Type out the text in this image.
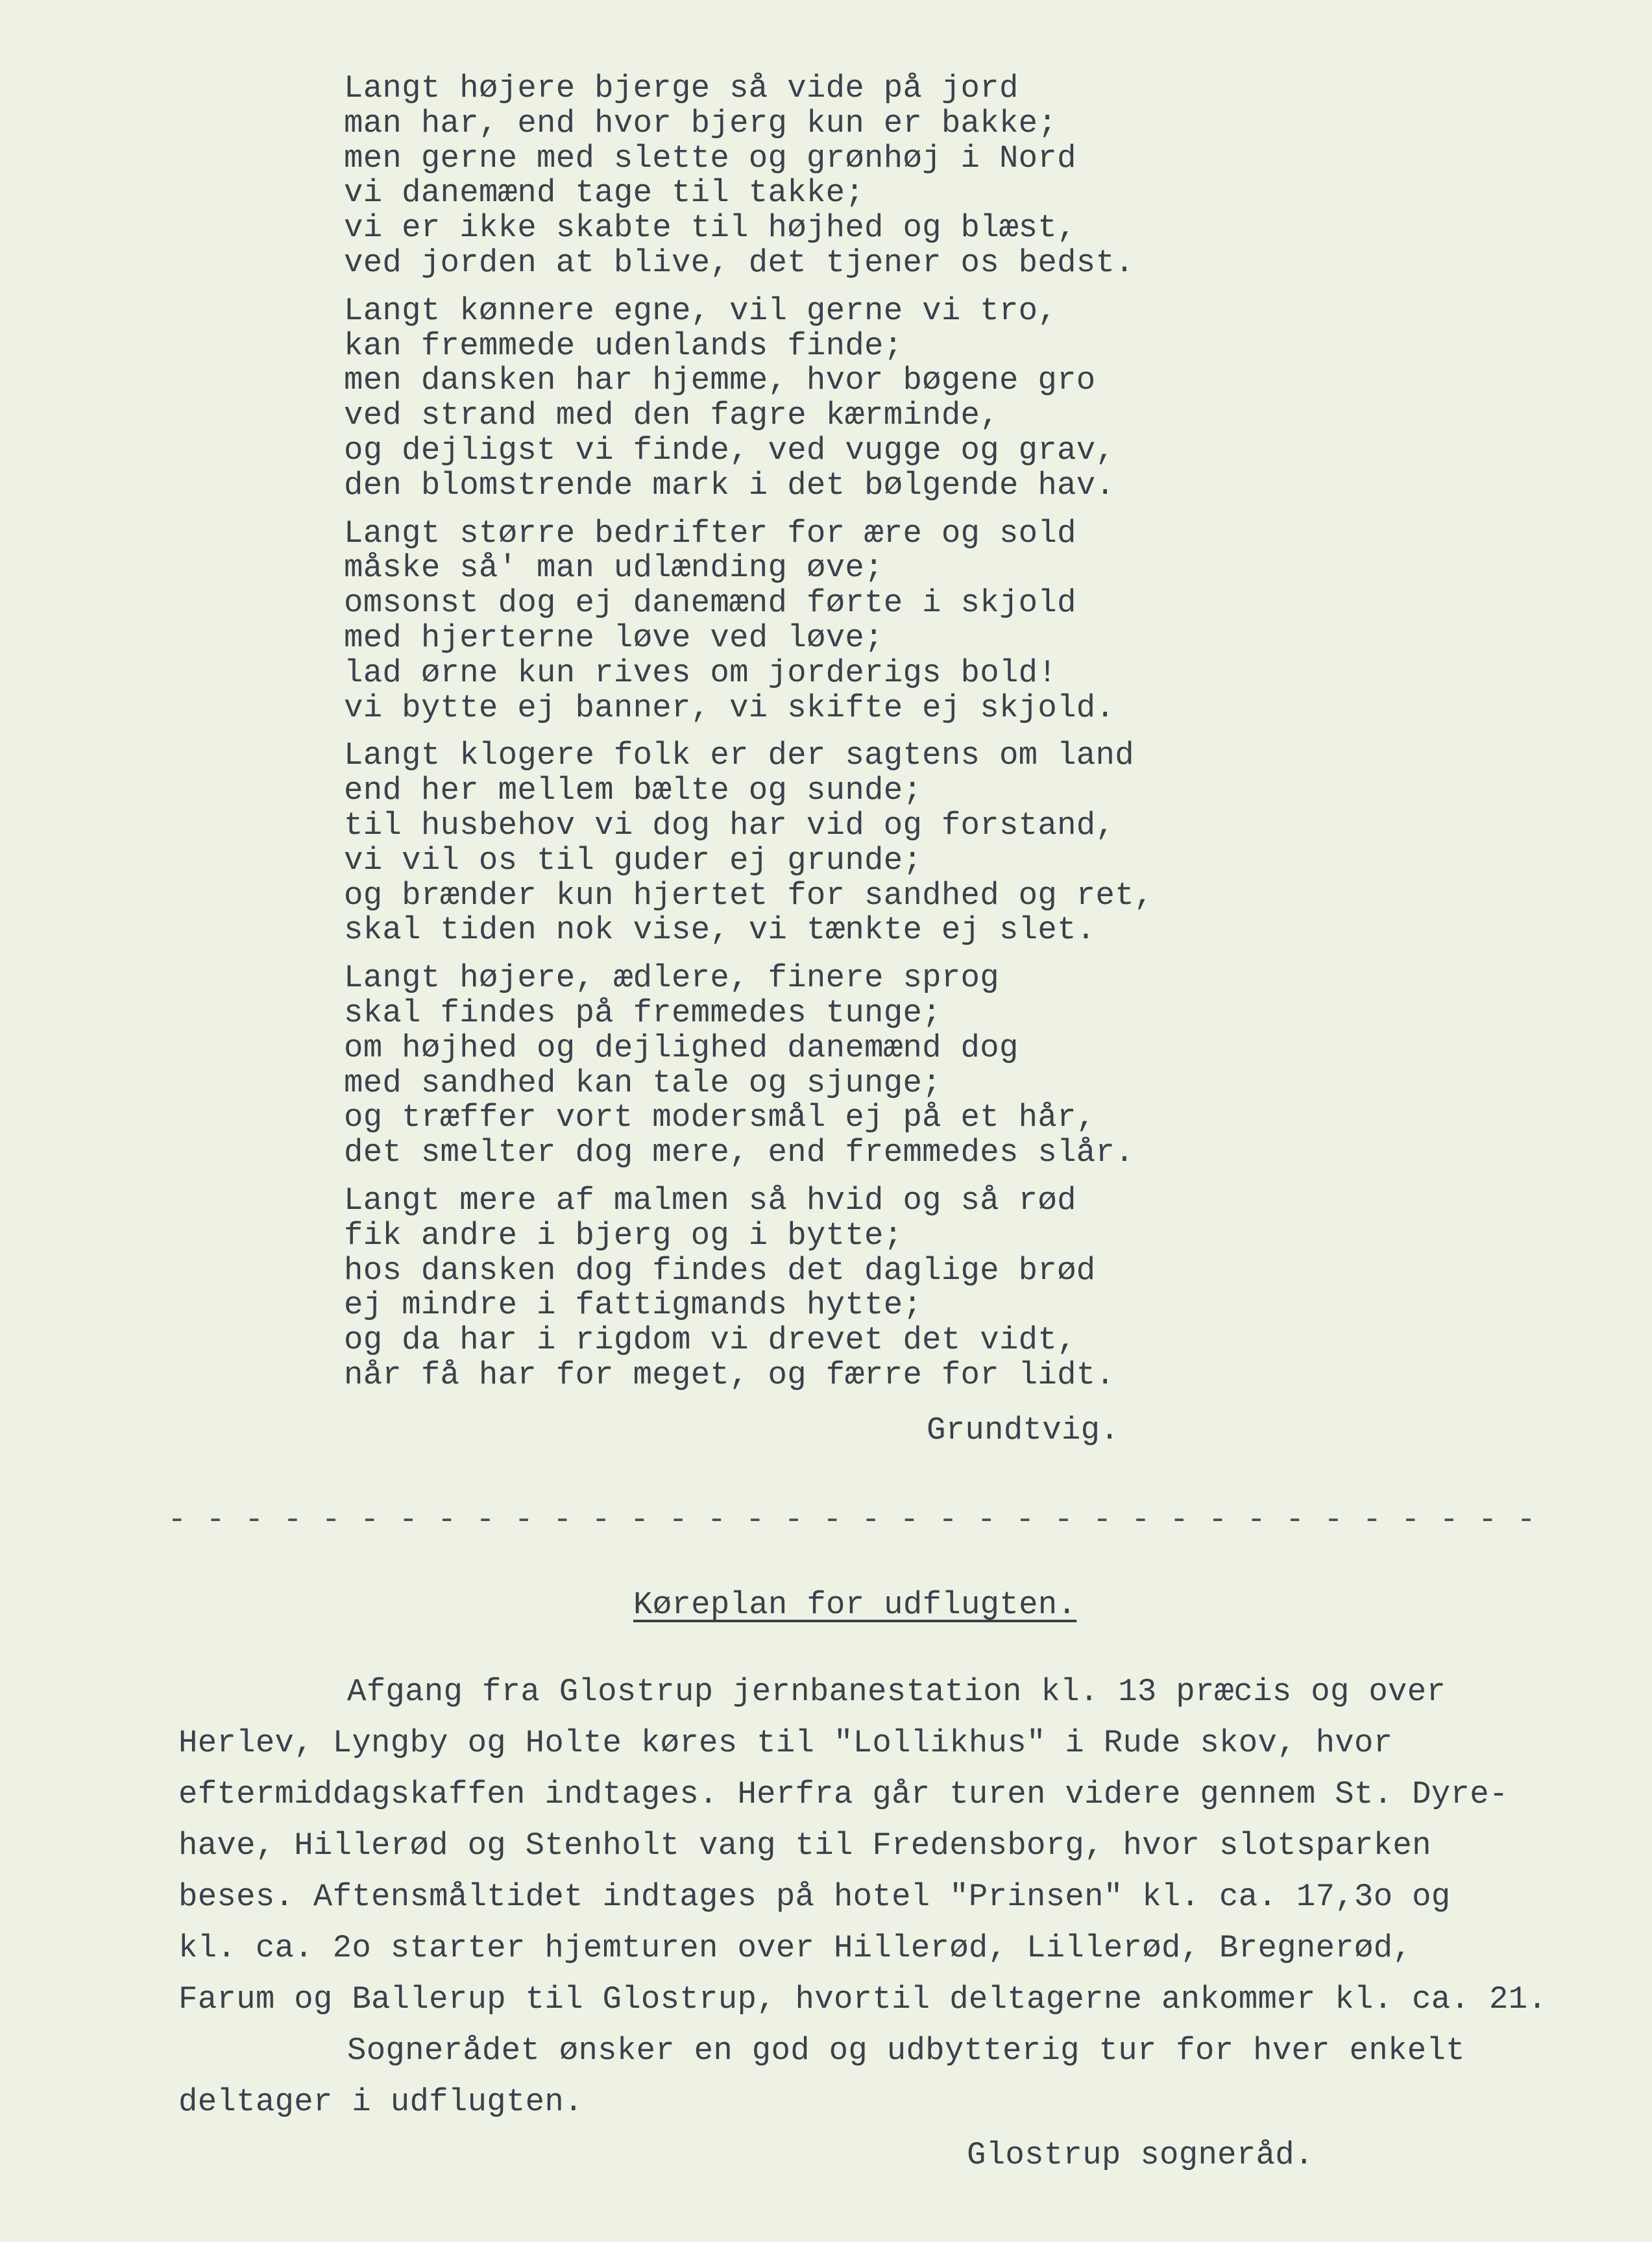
Langt højere bjerge så vide på jord
man har, end hvor bjerg kun er bakke;
men gerne med slette og grønhøj i Nord
vi danemænd tage til takke;
vi er ikke skabte til højhed og blæst,
ved jorden at blive, det tjener os bedst.
Langt kønnere egne, vil gerne vi tro,
kan fremmede udenlands finde;
men dansken har hjemme, hvor bøgene gro
ved strand med den fagre kærminde,
og dejligst vi finde, ved vugge og grav,
den blomstrende mark i det bølgende hav.
Langt større bedrifter for ære og sold
måske så' man udlænding øve;
omsonst dog ej danemænd førte i skjold
med hjerterne løve ved løve;
lad ørne kun rives om jorderigs bold!
vi bytte ej banner, vi skifte ej skjold.
Langt klogere folk er der sagtens om land
end her mellem bælte og sunde;
til husbehov vi dog har vid og forstand,
vi vil os til guder ej grunde;
og brænder kun hjertet for sandhed og ret,
skal tiden nok vise, vi tænkte ej slet.
Langt højere, ædlere, finere sprog
skal findes på fremmedes tunge;
om højhed og dejlighed danemænd dog
med sandhed kan tale og sjunge;
og træffer vort modersmål ej på et hår,
det smelter dog mere, end fremmedes slår.
Langt mere af malmen så hvid og så rød
fik andre i bjerg og i bytte;
hos dansken dog findes det daglige brød
ej mindre i fattigmands hytte;
og da har i rigdom vi drevet det vidt,
når få har for meget, og færre for lidt.
Grundtvig.
- - - - - - - - - - - - - - - - - - - - - - - - - - - - - - - - - - - -
Køreplan for udflugten.
Afgang fra Glostrup jernbanestation kl. 13 præcis og over
Herlev, Lyngby og Holte køres til "Lollikhus" i Rude skov, hvor
eftermiddagskaffen indtages. Herfra går turen videre gennem St. Dyre-
have, Hillerød og Stenholt vang til Fredensborg, hvor slotsparken
beses. Aftensmåltidet indtages på hotel "Prinsen" kl. ca. 17,3o og
kl. ca. 2o starter hjemturen over Hillerød, Lillerød, Bregnerød,
Farum og Ballerup til Glostrup, hvortil deltagerne ankommer kl. ca. 21.
Sognerådet ønsker en god og udbytterig tur for hver enkelt
deltager i udflugten.
Glostrup sogneråd.
